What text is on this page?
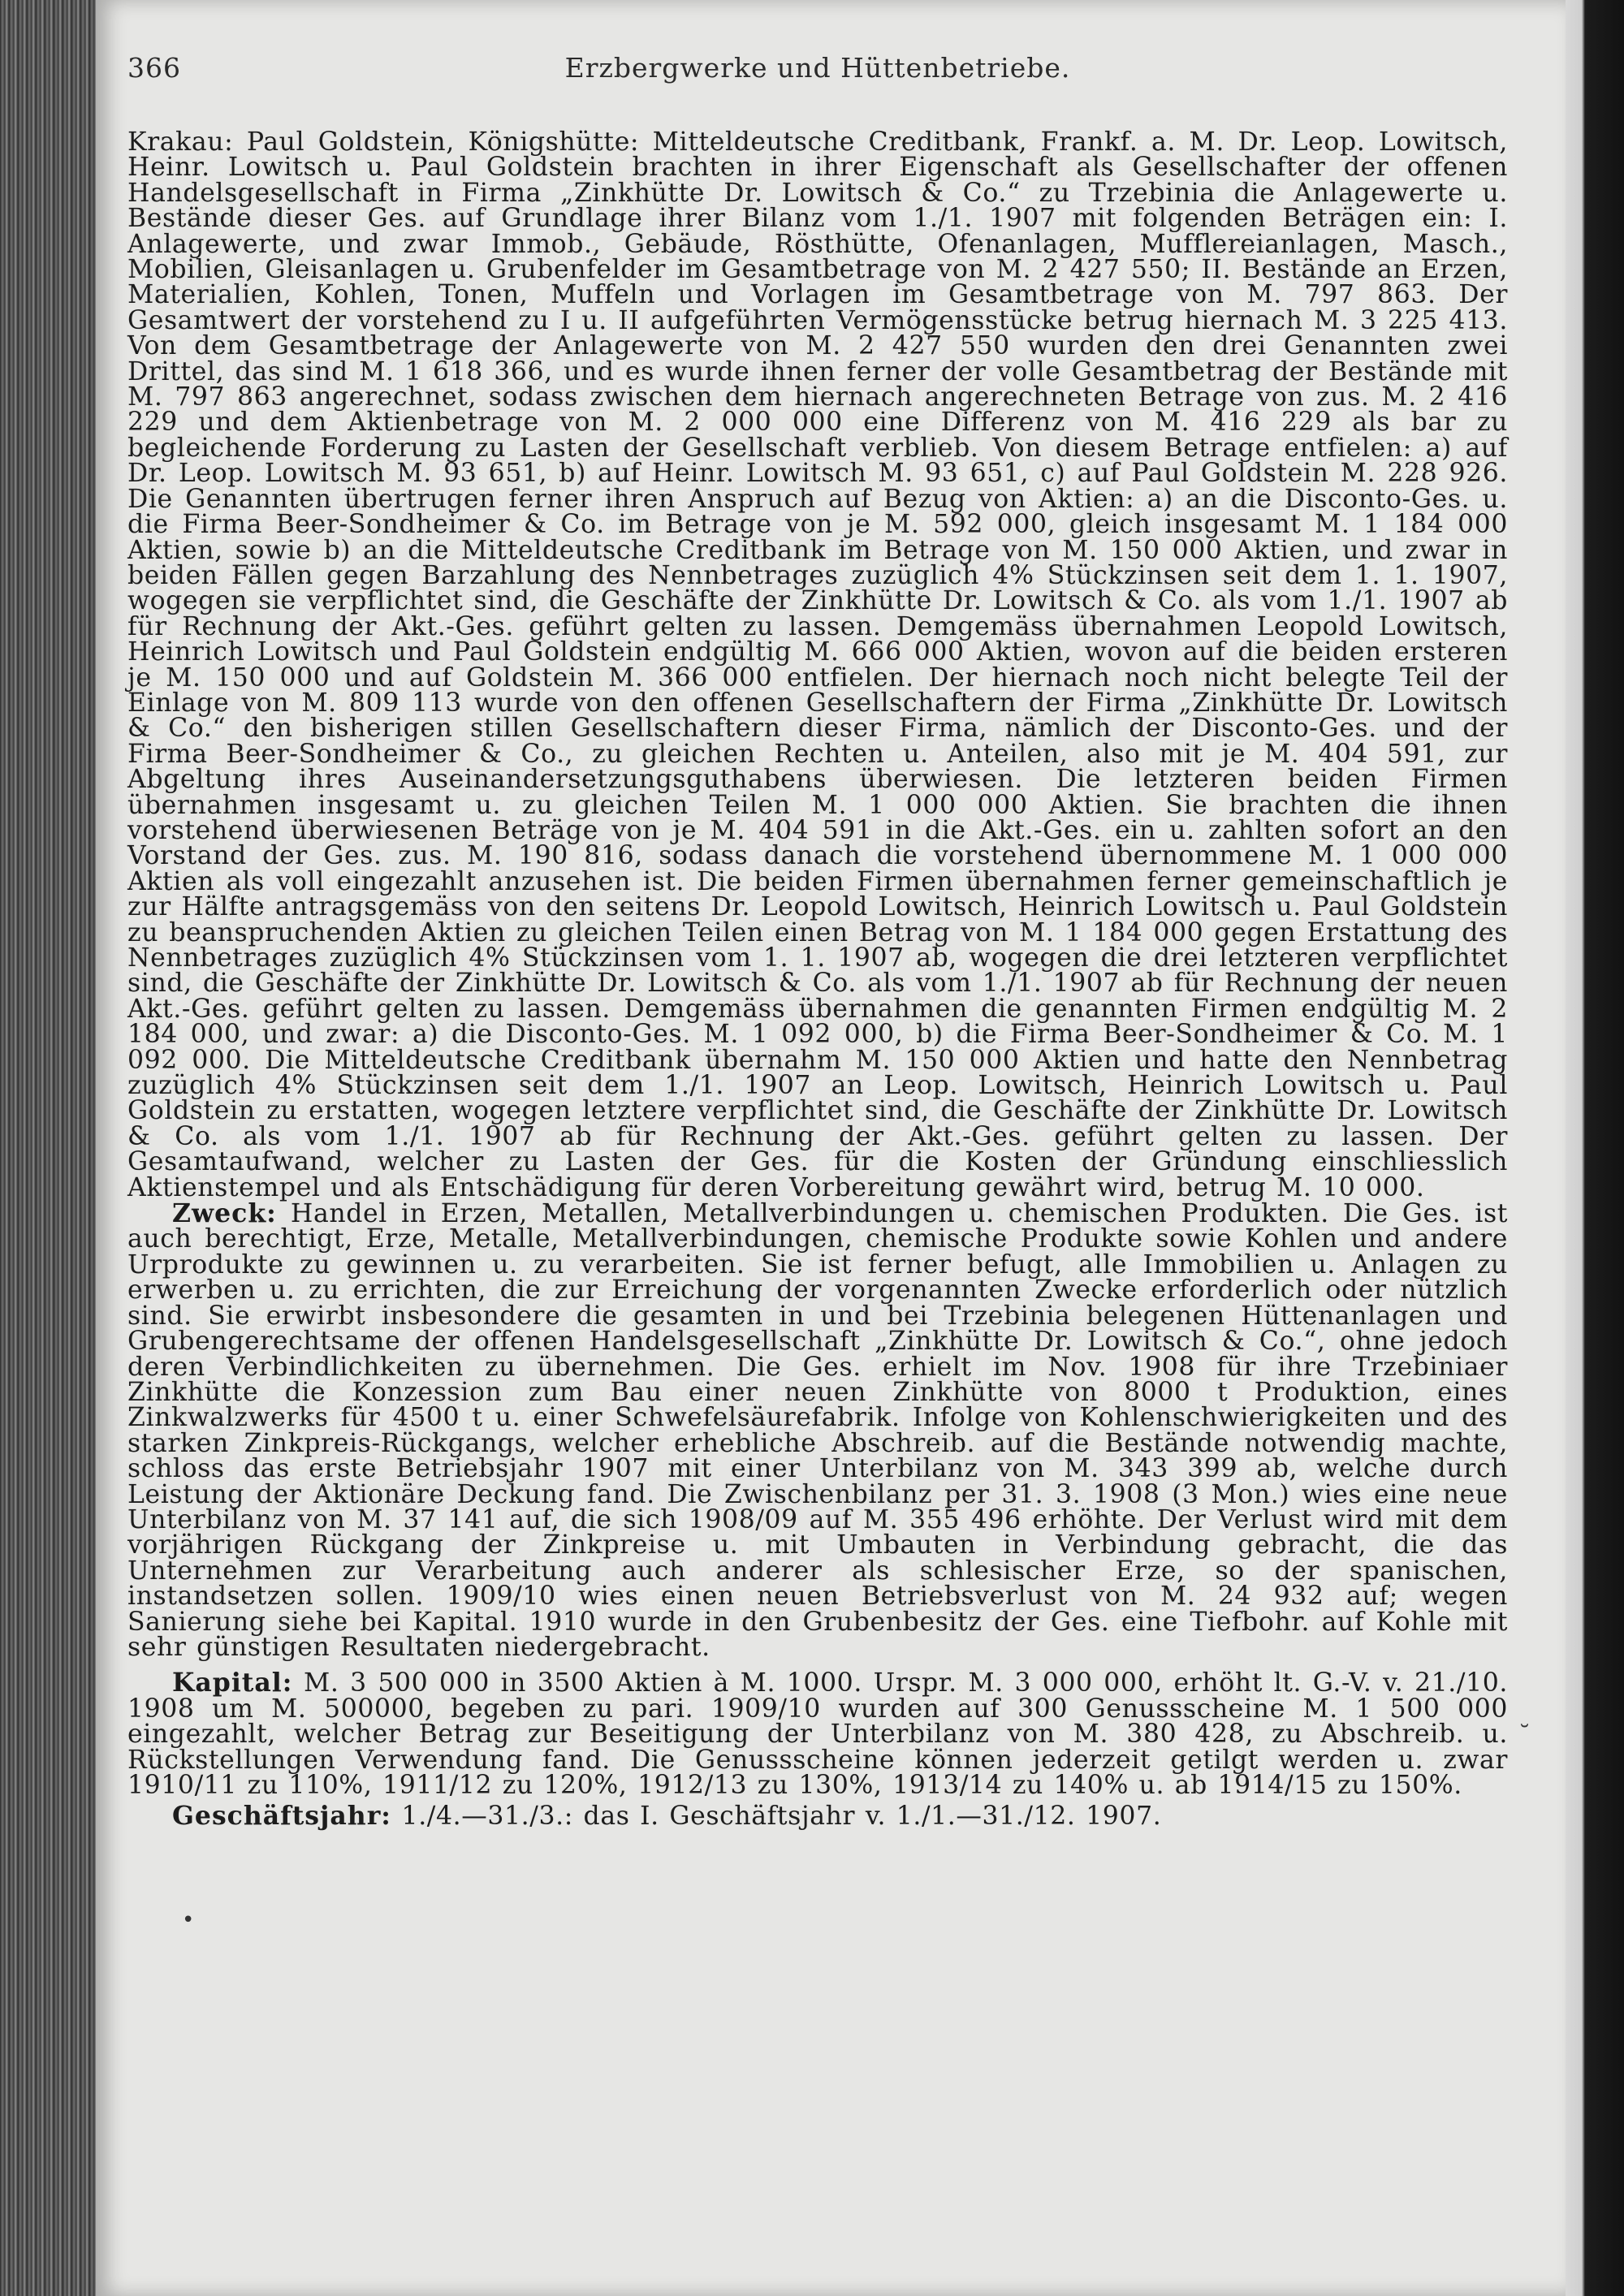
366	Erzbergwerke und Hüttenbetriebe.

Krakau: Paul Goldstein, Königshütte: Mitteldeutsche Creditbank, Frankf. a. M. Dr. Leop. Lowitsch, Heinr. Lowitsch u. Paul Goldstein brachten in ihrer Eigenschaft als Gesellschafter der offenen Handelsgesellschaft in Firma „Zinkhütte Dr. Lowitsch & Co.“ zu Trzebinia die Anlagewerte u. Bestände dieser Ges. auf Grundlage ihrer Bilanz vom 1./1. 1907 mit folgenden Beträgen ein: I. Anlagewerte, und zwar Immob., Gebäude, Rösthütte, Ofenanlagen, Mufflereianlagen, Masch., Mobilien, Gleisanlagen u. Grubenfelder im Gesamtbetrage von M. 2 427 550; II. Bestände an Erzen, Materialien, Kohlen, Tonen, Muffeln und Vorlagen im Gesamtbetrage von M. 797 863. Der Gesamtwert der vorstehend zu I u. II aufgeführten Vermögensstücke betrug hiernach M. 3 225 413. Von dem Gesamtbetrage der Anlagewerte von M. 2 427 550 wurden den drei Genannten zwei Drittel, das sind M. 1 618 366, und es wurde ihnen ferner der volle Gesamtbetrag der Bestände mit M. 797 863 angerechnet, sodass zwischen dem hiernach angerechneten Betrage von zus. M. 2 416 229 und dem Aktienbetrage von M. 2 000 000 eine Differenz von M. 416 229 als bar zu begleichende Forderung zu Lasten der Gesellschaft verblieb. Von diesem Betrage entfielen: a) auf Dr. Leop. Lowitsch M. 93 651, b) auf Heinr. Lowitsch M. 93 651, c) auf Paul Goldstein M. 228 926. Die Genannten übertrugen ferner ihren Anspruch auf Bezug von Aktien: a) an die Disconto-Ges. u. die Firma Beer-Sondheimer & Co. im Betrage von je M. 592 000, gleich insgesamt M. 1 184 000 Aktien, sowie b) an die Mitteldeutsche Creditbank im Betrage von M. 150 000 Aktien, und zwar in beiden Fällen gegen Barzahlung des Nennbetrages zuzüglich 4% Stückzinsen seit dem 1. 1. 1907, wogegen sie verpflichtet sind, die Geschäfte der Zinkhütte Dr. Lowitsch & Co. als vom 1./1. 1907 ab für Rechnung der Akt.-Ges. geführt gelten zu lassen. Demgemäss übernahmen Leopold Lowitsch, Heinrich Lowitsch und Paul Goldstein endgültig M. 666 000 Aktien, wovon auf die beiden ersteren je M. 150 000 und auf Goldstein M. 366 000 entfielen. Der hiernach noch nicht belegte Teil der Einlage von M. 809 113 wurde von den offenen Gesellschaftern der Firma „Zinkhütte Dr. Lowitsch & Co.“ den bisherigen stillen Gesellschaftern dieser Firma, nämlich der Disconto-Ges. und der Firma Beer-Sondheimer & Co., zu gleichen Rechten u. Anteilen, also mit je M. 404 591, zur Abgeltung ihres Auseinandersetzungsguthabens überwiesen. Die letzteren beiden Firmen übernahmen insgesamt u. zu gleichen Teilen M. 1 000 000 Aktien. Sie brachten die ihnen vorstehend überwiesenen Beträge von je M. 404 591 in die Akt.-Ges. ein u. zahlten sofort an den Vorstand der Ges. zus. M. 190 816, sodass danach die vorstehend übernommene M. 1 000 000 Aktien als voll eingezahlt anzusehen ist. Die beiden Firmen übernahmen ferner gemeinschaftlich je zur Hälfte antragsgemäss von den seitens Dr. Leopold Lowitsch, Heinrich Lowitsch u. Paul Goldstein zu beanspruchenden Aktien zu gleichen Teilen einen Betrag von M. 1 184 000 gegen Erstattung des Nennbetrages zuzüglich 4% Stückzinsen vom 1. 1. 1907 ab, wogegen die drei letzteren verpflichtet sind, die Geschäfte der Zinkhütte Dr. Lowitsch & Co. als vom 1./1. 1907 ab für Rechnung der neuen Akt.-Ges. geführt gelten zu lassen. Demgemäss übernahmen die genannten Firmen endgültig M. 2 184 000, und zwar: a) die Disconto-Ges. M. 1 092 000, b) die Firma Beer-Sondheimer & Co. M. 1 092 000. Die Mitteldeutsche Creditbank übernahm M. 150 000 Aktien und hatte den Nennbetrag zuzüglich 4% Stückzinsen seit dem 1./1. 1907 an Leop. Lowitsch, Heinrich Lowitsch u. Paul Goldstein zu erstatten, wogegen letztere verpflichtet sind, die Geschäfte der Zinkhütte Dr. Lowitsch & Co. als vom 1./1. 1907 ab für Rechnung der Akt.-Ges. geführt gelten zu lassen. Der Gesamtaufwand, welcher zu Lasten der Ges. für die Kosten der Gründung einschliesslich Aktienstempel und als Entschädigung für deren Vorbereitung gewährt wird, betrug M. 10 000.

Zweck: Handel in Erzen, Metallen, Metallverbindungen u. chemischen Produkten. Die Ges. ist auch berechtigt, Erze, Metalle, Metallverbindungen, chemische Produkte sowie Kohlen und andere Urprodukte zu gewinnen u. zu verarbeiten. Sie ist ferner befugt, alle Immobilien u. Anlagen zu erwerben u. zu errichten, die zur Erreichung der vorgenannten Zwecke erforderlich oder nützlich sind. Sie erwirbt insbesondere die gesamten in und bei Trzebinia belegenen Hüttenanlagen und Grubengerechtsame der offenen Handelsgesellschaft „Zinkhütte Dr. Lowitsch & Co.“, ohne jedoch deren Verbindlichkeiten zu übernehmen. Die Ges. erhielt im Nov. 1908 für ihre Trzebiniaer Zinkhütte die Konzession zum Bau einer neuen Zinkhütte von 8000 t Produktion, eines Zinkwalzwerks für 4500 t u. einer Schwefelsäurefabrik. Infolge von Kohlenschwierigkeiten und des starken Zinkpreis-Rückgangs, welcher erhebliche Abschreib. auf die Bestände notwendig machte, schloss das erste Betriebsjahr 1907 mit einer Unterbilanz von M. 343 399 ab, welche durch Leistung der Aktionäre Deckung fand. Die Zwischenbilanz per 31. 3. 1908 (3 Mon.) wies eine neue Unterbilanz von M. 37 141 auf, die sich 1908/09 auf M. 355 496 erhöhte. Der Verlust wird mit dem vorjährigen Rückgang der Zinkpreise u. mit Umbauten in Verbindung gebracht, die das Unternehmen zur Verarbeitung auch anderer als schlesischer Erze, so der spanischen, instandsetzen sollen. 1909/10 wies einen neuen Betriebsverlust von M. 24 932 auf; wegen Sanierung siehe bei Kapital. 1910 wurde in den Grubenbesitz der Ges. eine Tiefbohr. auf Kohle mit sehr günstigen Resultaten niedergebracht.

Kapital: M. 3 500 000 in 3500 Aktien à M. 1000. Urspr. M. 3 000 000, erhöht lt. G.-V. v. 21./10. 1908 um M. 500000, begeben zu pari. 1909/10 wurden auf 300 Genussscheine M. 1 500 000 eingezahlt, welcher Betrag zur Beseitigung der Unterbilanz von M. 380 428, zu Abschreib. u. Rückstellungen Verwendung fand. Die Genussscheine können jederzeit getilgt werden u. zwar 1910/11 zu 110%, 1911/12 zu 120%, 1912/13 zu 130%, 1913/14 zu 140% u. ab 1914/15 zu 150%.

Geschäftsjahr: 1./4.—31./3.: das I. Geschäftsjahr v. 1./1.—31./12. 1907.

˘
•
